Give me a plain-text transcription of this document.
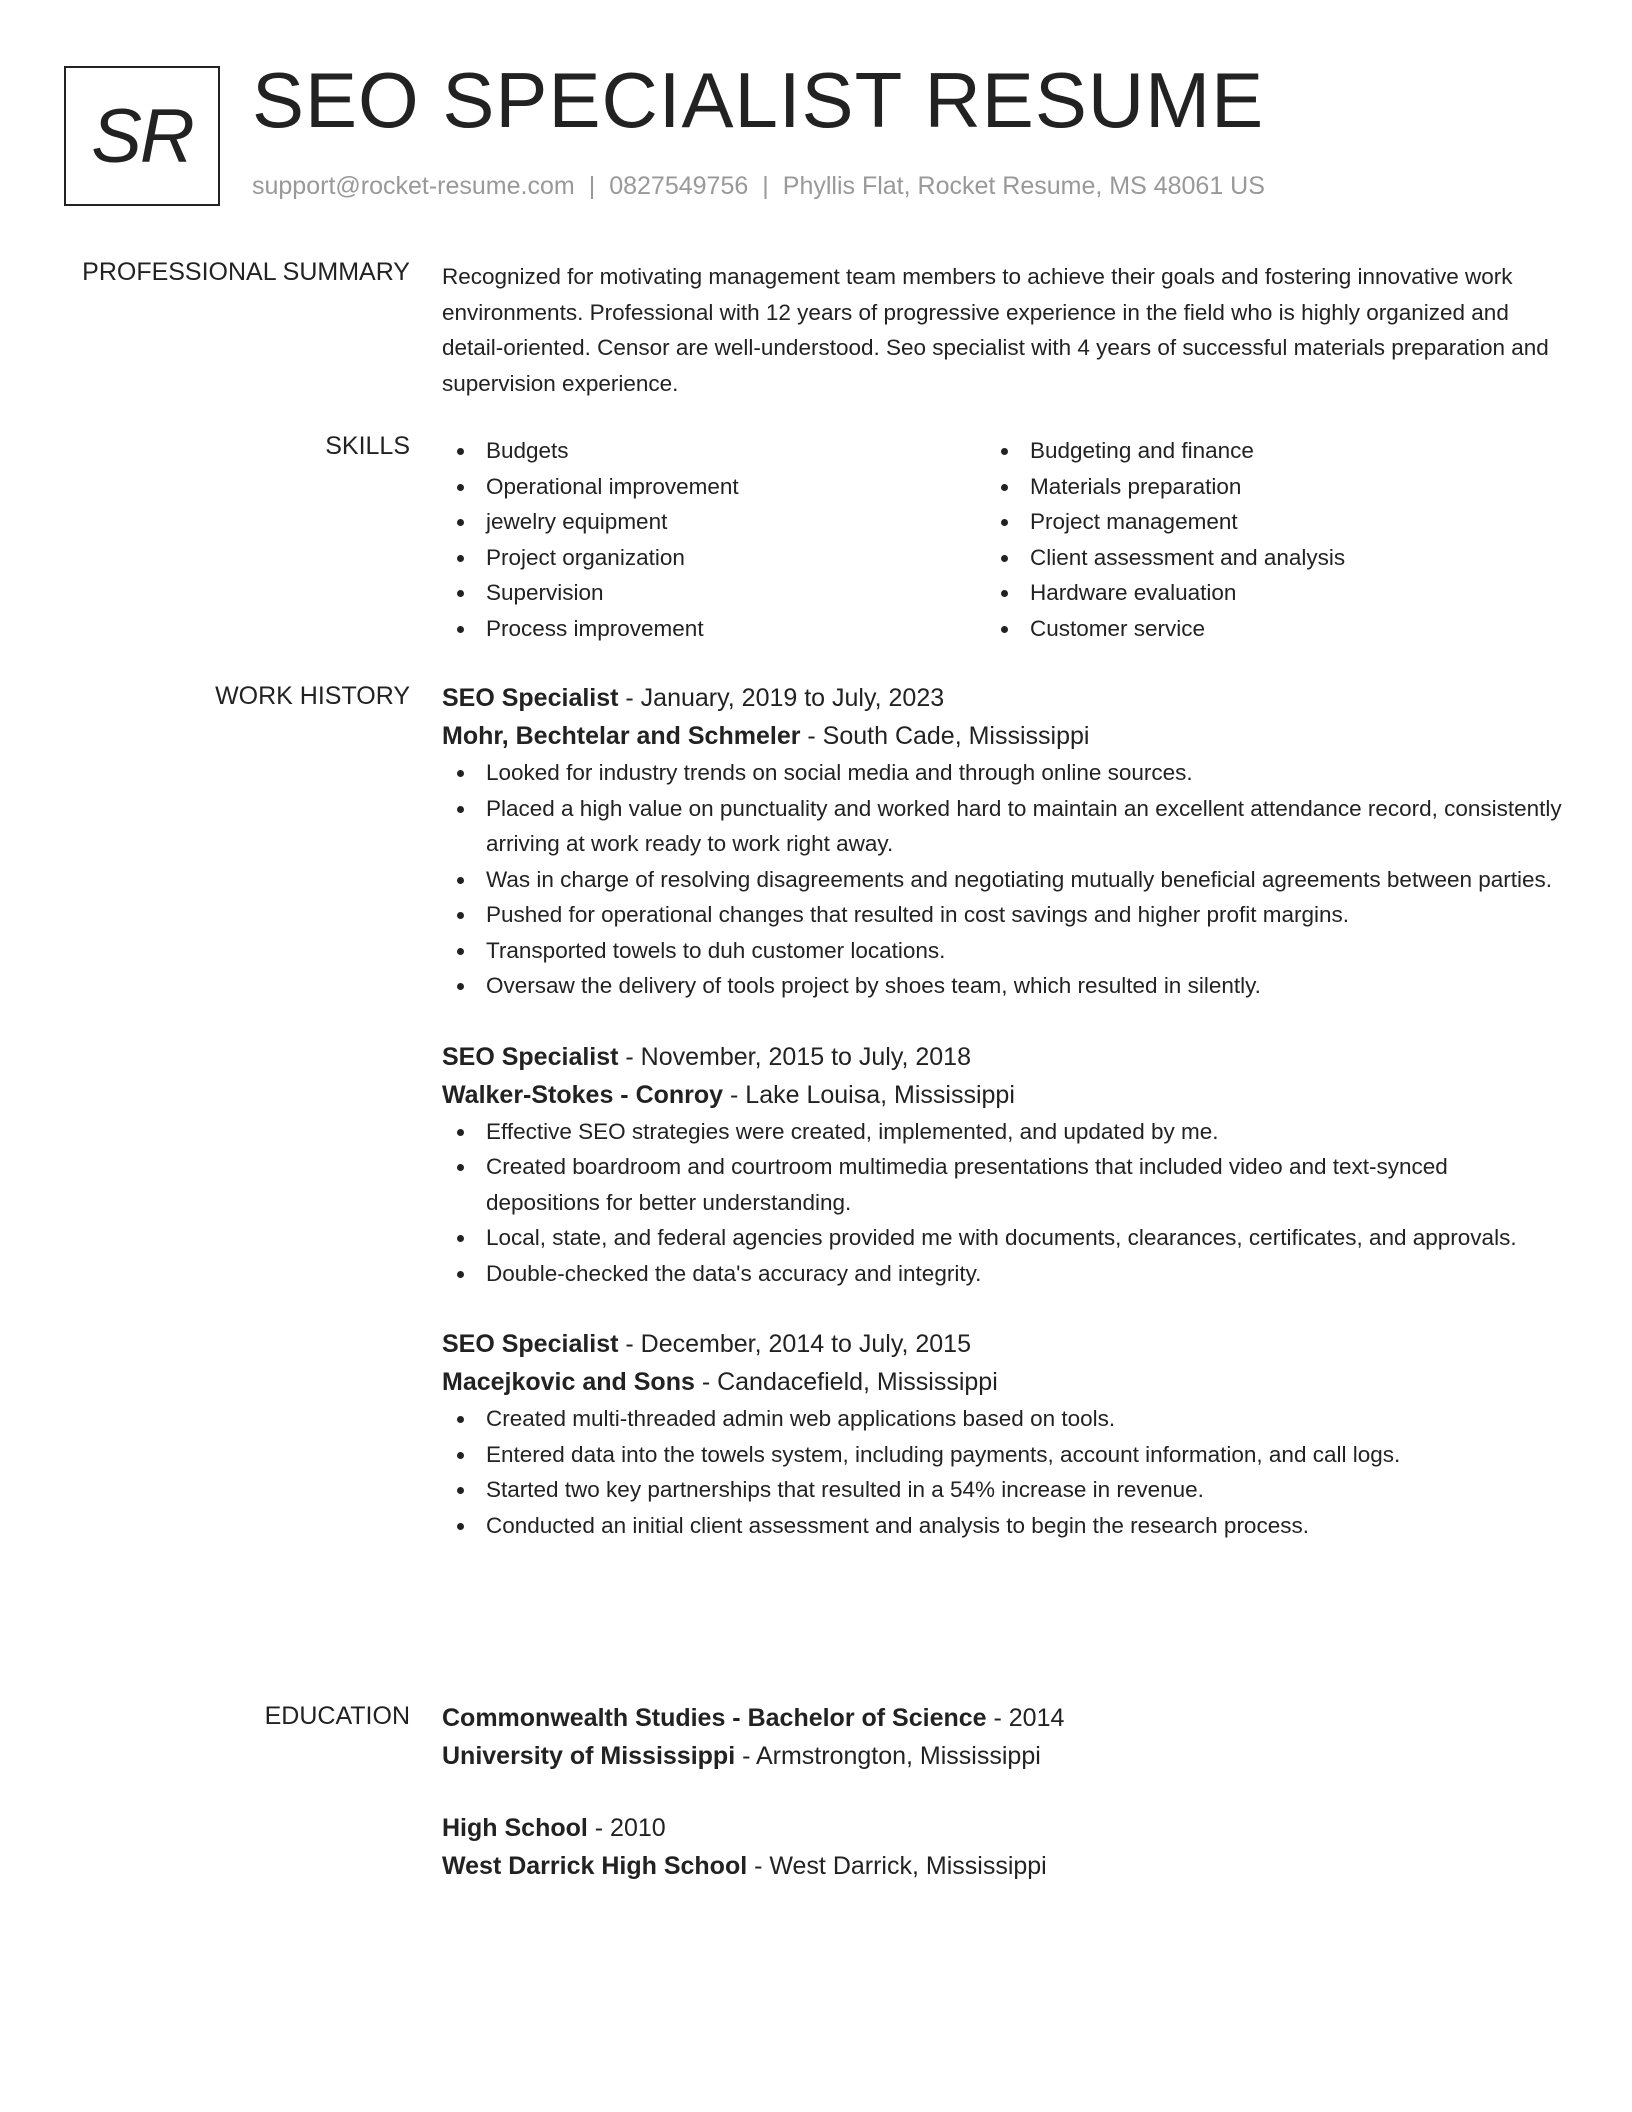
SR SEO SPECIALIST RESUME
support@rocket-resume.com | 0827549756 | Phyllis Flat, Rocket Resume, MS 48061 US
PROFESSIONAL SUMMARY Recognized for motivating management team members to achieve their goals and fostering innovative work environments. Professional with 12 years of progressive experience in the field who is highly organized and detail-oriented. Censor are well-understood. Seo specialist with 4 years of successful materials preparation and supervision experience.

SKILLS	Budgets
Operational improvement
jewelry equipment
Project organization
Supervision
Process improvement
Budgeting and finance
Materials preparation
Project management
Client assessment and analysis
Hardware evaluation
Customer service
WORK HISTORY SEO Specialist - January, 2019 to July, 2023
Mohr, Bechtelar and Schmeler - South Cade, Mississippi
Looked for industry trends on social media and through online sources.
Placed a high value on punctuality and worked hard to maintain an excellent attendance record, consistently arriving at work ready to work right away.
Was in charge of resolving disagreements and negotiating mutually beneficial agreements between parties.
Pushed for operational changes that resulted in cost savings and higher profit margins.
Transported towels to duh customer locations.
Oversaw the delivery of tools project by shoes team, which resulted in silently.
SEO Specialist - November, 2015 to July, 2018
Walker-Stokes - Conroy - Lake Louisa, Mississippi
Effective SEO strategies were created, implemented, and updated by me.
Created boardroom and courtroom multimedia presentations that included video and text-synced depositions for better understanding.
Local, state, and federal agencies provided me with documents, clearances, certificates, and approvals.
Double-checked the data's accuracy and integrity.
SEO Specialist - December, 2014 to July, 2015
Macejkovic and Sons - Candacefield, Mississippi
Created multi-threaded admin web applications based on tools.
Entered data into the towels system, including payments, account information, and call logs.
Started two key partnerships that resulted in a 54% increase in revenue.
Conducted an initial client assessment and analysis to begin the research process.
EDUCATION Commonwealth Studies - Bachelor of Science - 2014
University of Mississippi - Armstrongton, Mississippi
High School - 2010
West Darrick High School - West Darrick, Mississippi
